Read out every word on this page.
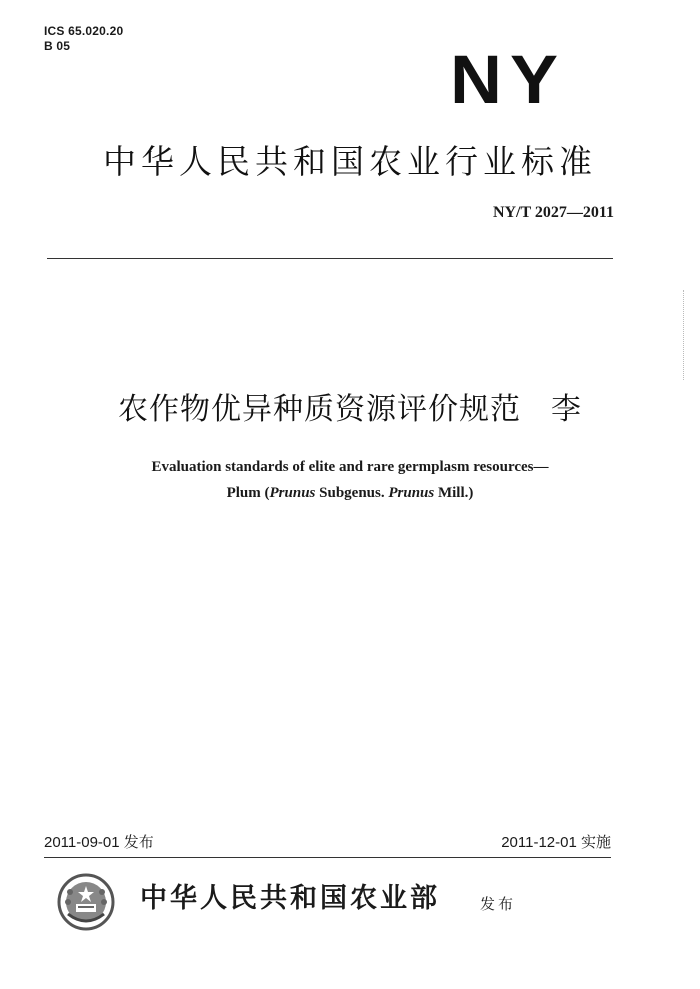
ICS 65.020.20
B 05	NY
中华人民共和国农业行业标准
NY/T 2027—2011
农作物优异种质资源评价规范 李
Evaluation standards of elite and rare germplasm resources—
Plum (Prunus Subgenus. Prunus Mill.)
2011-09-01 发布	2011-12-01 实施
中华人民共和国农业部	发布
